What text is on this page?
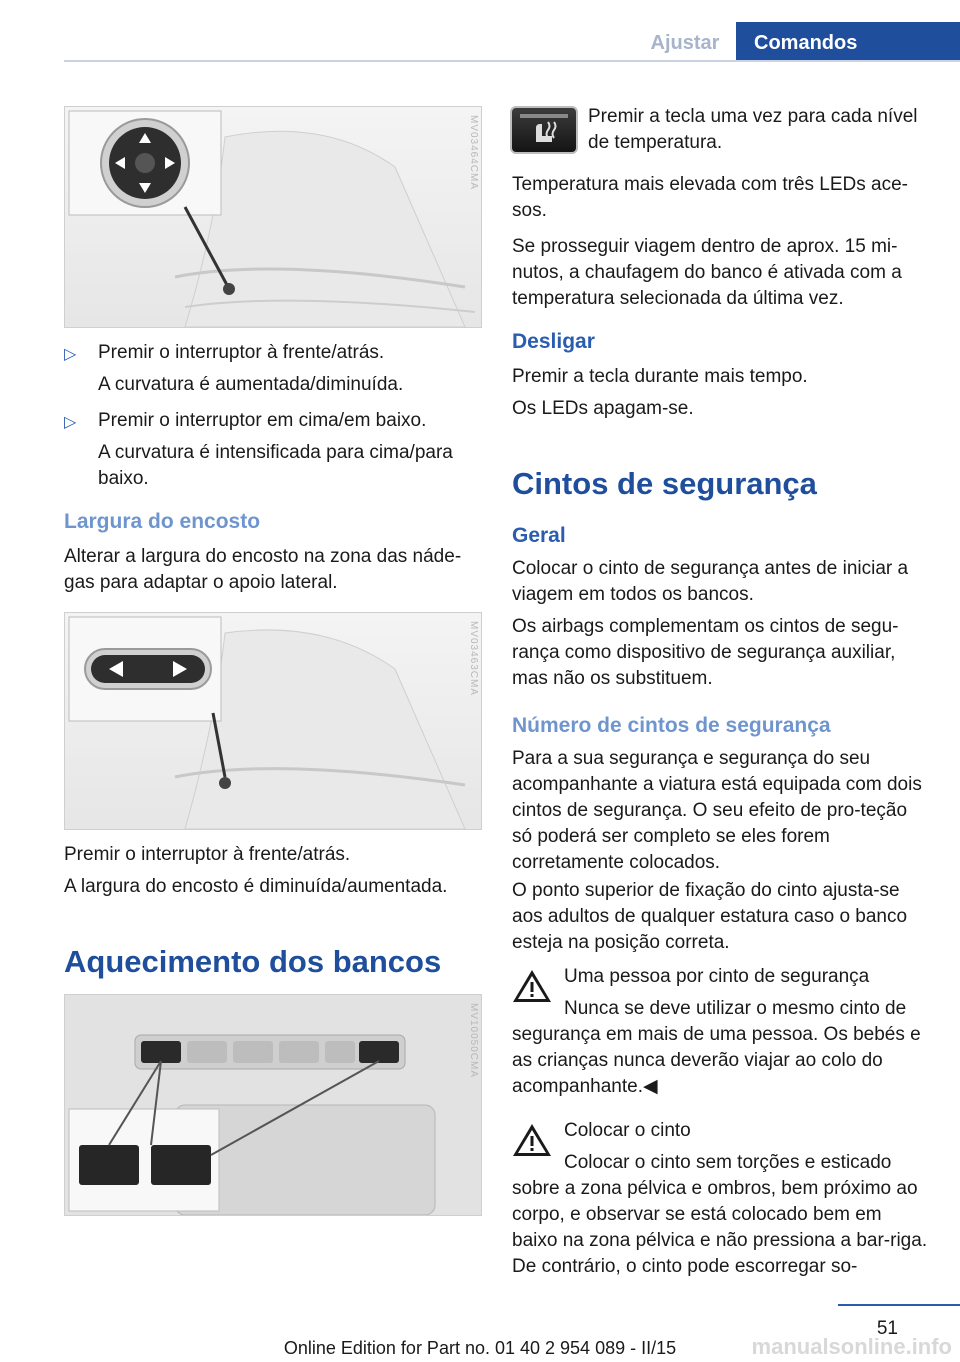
Ajustar	Comandos
MV03464CMA
▷ Premir o interruptor à frente/atrás.

A curvatura é aumentada/diminuída.

▷ Premir o interruptor em cima/em baixo.

A curvatura é intensificada para cima/para baixo.

Largura do encosto

Alterar a largura do encosto na zona das náde-gas para adaptar o apoio lateral.

MV03463CMA

Premir o interruptor à frente/atrás.

A largura do encosto é diminuída/aumentada.

Aquecimento dos bancos
MV10050CMA

Premir a tecla uma vez para cada nível de temperatura.

Temperatura mais elevada com três LEDs ace-sos.

Se prosseguir viagem dentro de aprox. 15 mi-nutos, a chaufagem do banco é ativada com a temperatura selecionada da última vez.

Desligar

Premir a tecla durante mais tempo.

Os LEDs apagam-se.

Cintos de segurança
Geral

Colocar o cinto de segurança antes de iniciar a viagem em todos os bancos.

Os airbags complementam os cintos de segu-rança como dispositivo de segurança auxiliar, mas não os substituem.

Número de cintos de segurança

Para a sua segurança e segurança do seu acompanhante a viatura está equipada com dois cintos de segurança. O seu efeito de pro-teção só poderá ser completo se eles forem corretamente colocados.

O ponto superior de fixação do cinto ajusta-se aos adultos de qualquer estatura caso o banco esteja na posição correta.

Uma pessoa por cinto de segurança

Nunca se deve utilizar o mesmo cinto de segurança em mais de uma pessoa. Os bebés e as crianças nunca deverão viajar ao colo do acompanhante.◀

Colocar o cinto

Colocar o cinto sem torções e esticado sobre a zona pélvica e ombros, bem próximo ao corpo, e observar se está colocado bem em baixo na zona pélvica e não pressiona a bar-riga. De contrário, o cinto pode escorregar so-

51
Online Edition for Part no. 01 40 2 954 089 - II/15	manualsonline.info
